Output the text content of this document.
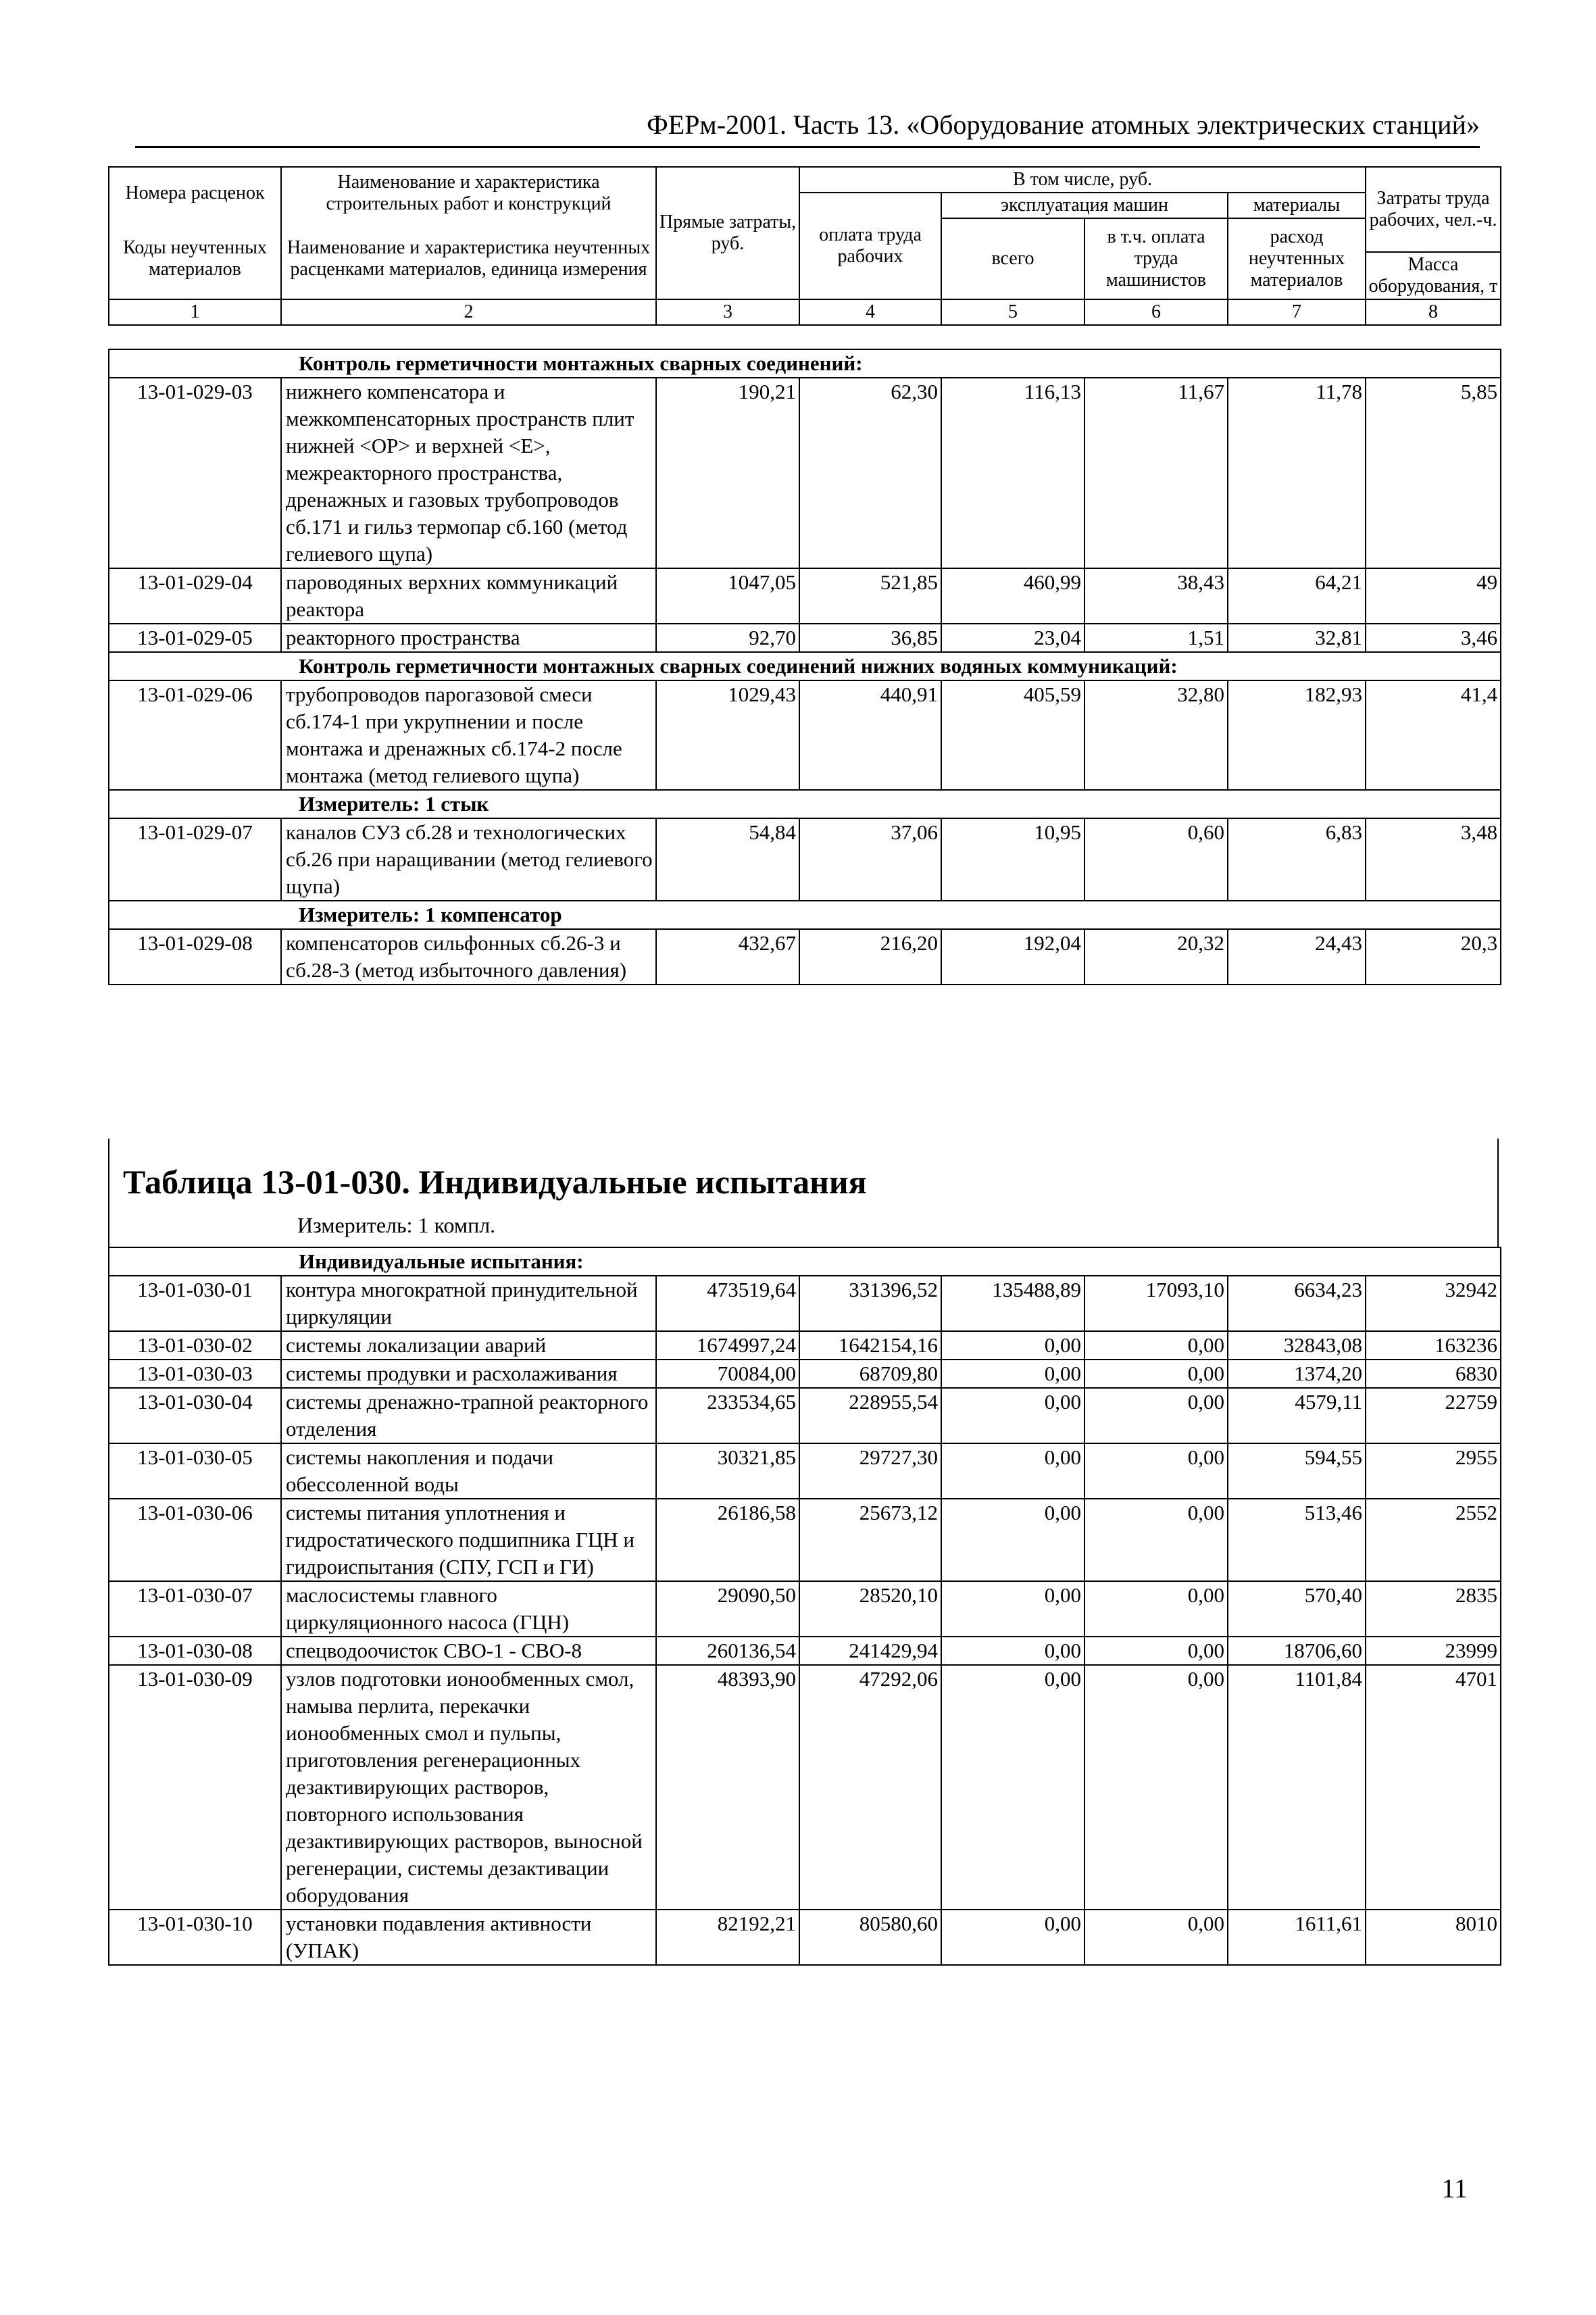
ФЕРм-2001. Часть 13. «Оборудование атомных электрических станций»
Номера расценок	Наименование и характеристика строительных работ и конструкций	Прямые затраты, руб.	В том числе, руб.				Затраты труда рабочих, чел.-ч.
			оплата труда рабочих	эксплуатация машин		материалы	
Коды неучтенных материалов	Наименование и характеристика неучтенных расценками материалов, единица измерения			всего	в т.ч. оплата труда машинистов	расход неучтенных материалов	
							Масса оборудования, т
1	2	3	4	5	6	7	8
Контроль герметичности монтажных сварных соединений:							
13-01-029-03	нижнего компенсатора и межкомпенсаторных пространств плит нижней <ОР> и верхней <Е>, межреакторного пространства, дренажных и газовых трубопроводов сб.171 и гильз термопар сб.160 (метод гелиевого щупа)	190,21	62,30	116,13	11,67	11,78	5,85
13-01-029-04	пароводяных верхних коммуникаций реактора	1047,05	521,85	460,99	38,43	64,21	49
13-01-029-05	реакторного пространства	92,70	36,85	23,04	1,51	32,81	3,46
Контроль герметичности монтажных сварных соединений нижних водяных коммуникаций:							
13-01-029-06	трубопроводов парогазовой смеси сб.174-1 при укрупнении и после монтажа и дренажных сб.174-2 после монтажа (метод гелиевого щупа)	1029,43	440,91	405,59	32,80	182,93	41,4
Измеритель: 1 стык							
13-01-029-07	каналов СУЗ сб.28 и технологических сб.26 при наращивании (метод гелиевого щупа)	54,84	37,06	10,95	0,60	6,83	3,48
Измеритель: 1 компенсатор							
13-01-029-08	компенсаторов сильфонных сб.26-3 и сб.28-3 (метод избыточного давления)	432,67	216,20	192,04	20,32	24,43	20,3
Таблица 13-01-030. Индивидуальные испытания
Измеритель: 1 компл.
Индивидуальные испытания:							
13-01-030-01	контура многократной принудительной циркуляции	473519,64	331396,52	135488,89	17093,10	6634,23	32942
13-01-030-02	системы локализации аварий	1674997,24	1642154,16	0,00	0,00	32843,08	163236
13-01-030-03	системы продувки и расхолаживания	70084,00	68709,80	0,00	0,00	1374,20	6830
13-01-030-04	системы дренажно-трапной реакторного отделения	233534,65	228955,54	0,00	0,00	4579,11	22759
13-01-030-05	системы накопления и подачи обессоленной воды	30321,85	29727,30	0,00	0,00	594,55	2955
13-01-030-06	системы питания уплотнения и гидростатического подшипника ГЦН и гидроиспытания (СПУ, ГСП и ГИ)	26186,58	25673,12	0,00	0,00	513,46	2552
13-01-030-07	маслосистемы главного циркуляционного насоса (ГЦН)	29090,50	28520,10	0,00	0,00	570,40	2835
13-01-030-08	спецводоочисток СВО-1 - СВО-8	260136,54	241429,94	0,00	0,00	18706,60	23999
13-01-030-09	узлов подготовки ионообменных смол, намыва перлита, перекачки ионообменных смол и пульпы, приготовления регенерационных дезактивирующих растворов, повторного использования дезактивирующих растворов, выносной регенерации, системы дезактивации оборудования	48393,90	47292,06	0,00	0,00	1101,84	4701
13-01-030-10	установки подавления активности (УПАК)	82192,21	80580,60	0,00	0,00	1611,61	8010
11
